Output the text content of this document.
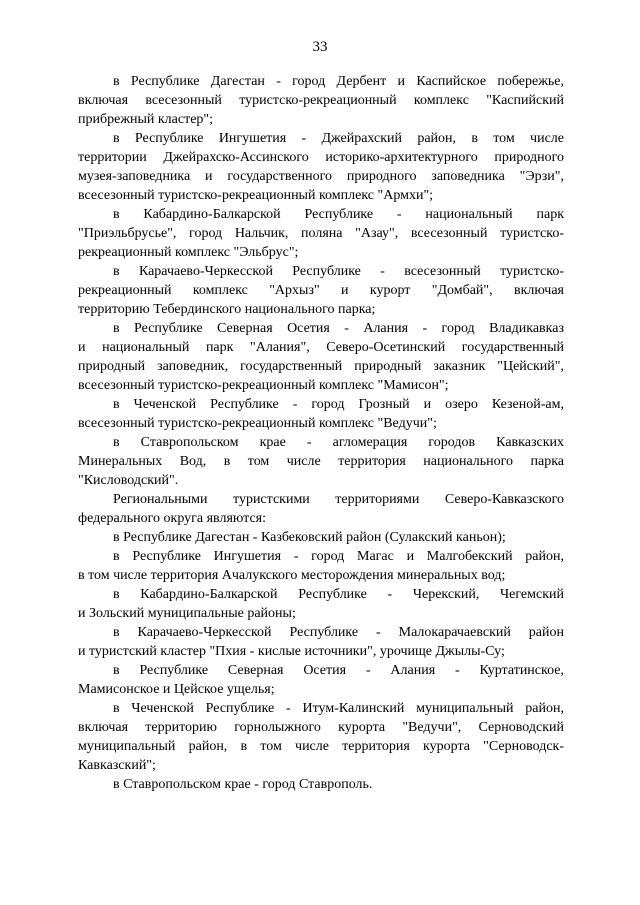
33

в Республике Дагестан - город Дербент и Каспийское побережье,
включая всесезонный туристско-рекреационный комплекс "Каспийский
прибрежный кластер";

в Республике Ингушетия - Джейрахский район, в том числе
территории Джейрахско-Ассинского историко-архитектурного природного
музея-заповедника и государственного природного заповедника "Эрзи",
всесезонный туристско-рекреационный комплекс "Армхи";

в Кабардино-Балкарской Республике - национальный парк
"Приэльбрусье", город Нальчик, поляна "Азау", всесезонный туристско-
рекреационный комплекс "Эльбрус";

в Карачаево-Черкесской Республике - всесезонный туристско-
рекреационный комплекс "Архыз" и курорт "Домбай", включая
территорию Тебердинского национального парка;

в Республике Северная Осетия - Алания - город Владикавказ
и национальный парк "Алания", Северо-Осетинский государственный
природный заповедник, государственный природный заказник "Цейский",
всесезонный туристско-рекреационный комплекс "Мамисон";

в Чеченской Республике - город Грозный и озеро Кезеной-ам,
всесезонный туристско-рекреационный комплекс "Ведучи";

в Ставропольском крае - агломерация городов Кавказских
Минеральных Вод, в том числе территория национального парка
"Кисловодский".

Региональными туристскими территориями Северо-Кавказского
федерального округа являются:

в Республике Дагестан - Казбековский район (Сулакский каньон);

в Республике Ингушетия - город Магас и Малгобекский район,
в том числе территория Ачалукского месторождения минеральных вод;

в Кабардино-Балкарской Республике - Черекский, Чегемский
и Зольский муниципальные районы;

в Карачаево-Черкесской Республике - Малокарачаевский район
и туристский кластер "Пхия - кислые источники", урочище Джылы-Су;

в Республике Северная Осетия - Алания - Куртатинское,
Мамисонское и Цейское ущелья;

в Чеченской Республике - Итум-Калинский муниципальный район,
включая территорию горнолыжного курорта "Ведучи", Серноводский
муниципальный район, в том числе территория курорта "Серноводск-
Кавказский";

в Ставропольском крае - город Ставрополь.
